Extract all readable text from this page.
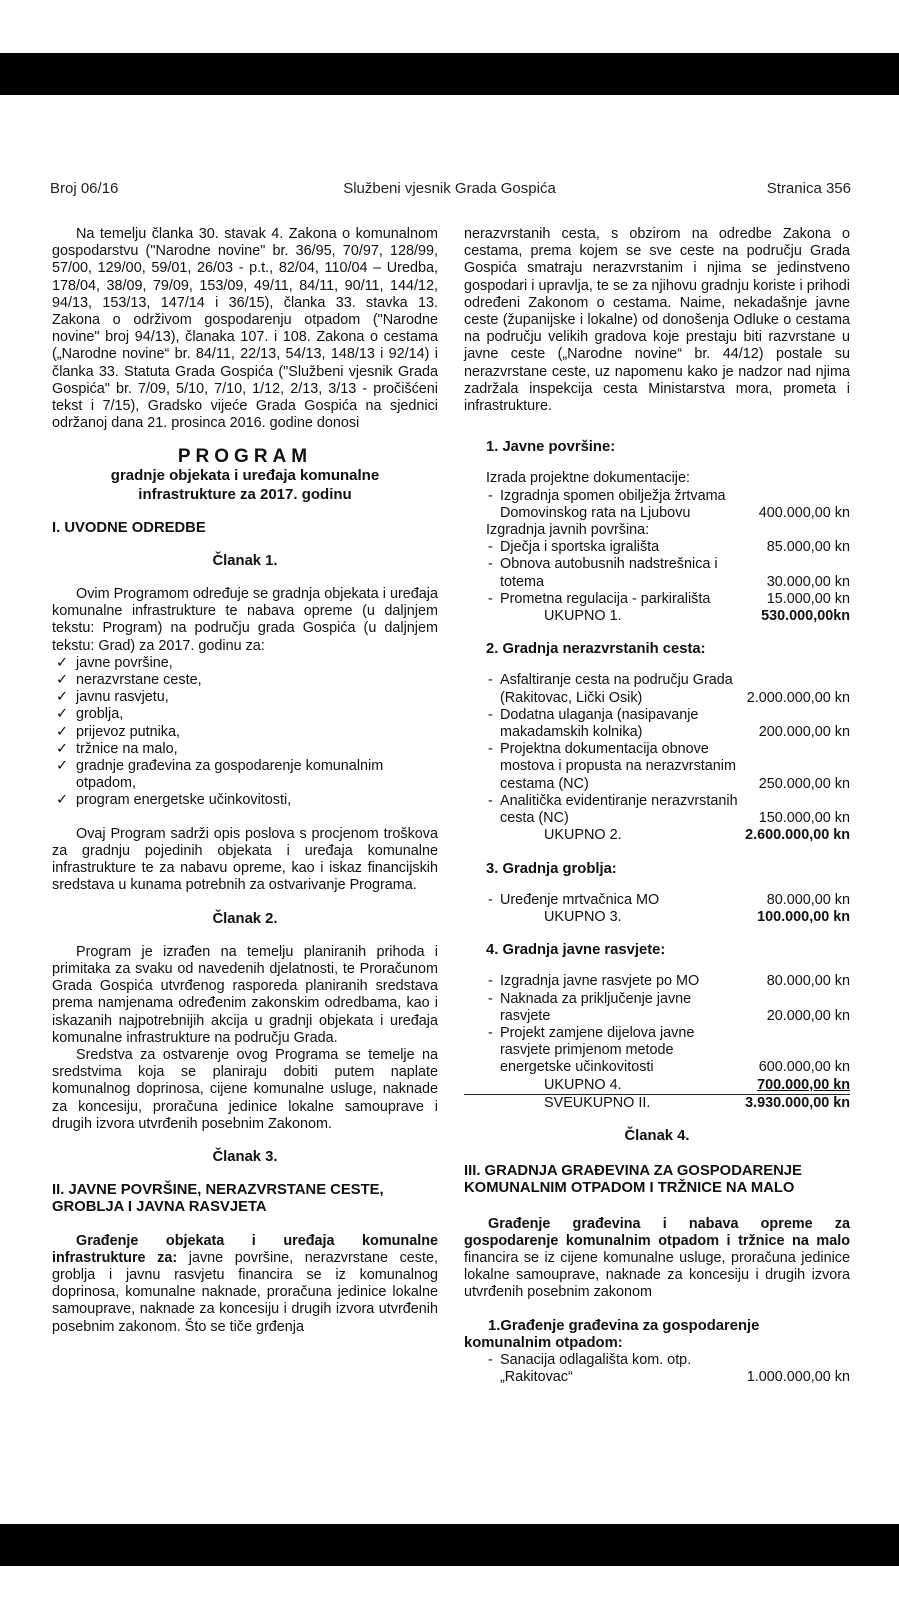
Broj 06/16	Službeni vjesnik Grada Gospića	Stranica 356

Na temelju članka 30. stavak 4. Zakona o komunalnom gospodarstvu ("Narodne novine" br. 36/95, 70/97, 128/99, 57/00, 129/00, 59/01, 26/03 - p.t., 82/04, 110/04 – Uredba, 178/04, 38/09, 79/09, 153/09, 49/11, 84/11, 90/11, 144/12, 94/13, 153/13, 147/14 i 36/15), članka 33. stavka 13. Zakona o održivom gospodarenju otpadom ("Narodne novine" broj 94/13), članaka 107. i 108. Zakona o cestama („Narodne novine“ br. 84/11, 22/13, 54/13, 148/13 i 92/14) i članka 33. Statuta Grada Gospića ("Službeni vjesnik Grada Gospića" br. 7/09, 5/10, 7/10, 1/12, 2/13, 3/13 - pročišćeni tekst i 7/15), Gradsko vijeće Grada Gospića na sjednici održanoj dana 21. prosinca 2016. godine donosi

PROGRAM
gradnje objekata i uređaja komunalne
infrastrukture za 2017. godinu

I. UVODNE ODREDBE

Članak 1.

Ovim Programom određuje se gradnja objekata i uređaja komunalne infrastrukture te nabava opreme (u daljnjem tekstu: Program) na području grada Gospića (u daljnjem tekstu: Grad) za 2017. godinu za:

✓ javne površine,
✓ nerazvrstane ceste,
✓ javnu rasvjetu,
✓ groblja,
✓ prijevoz putnika,
✓ tržnice na malo,
✓ gradnje građevina za gospodarenje komunalnim otpadom,
✓ program energetske učinkovitosti,

Ovaj Program sadrži opis poslova s procjenom troškova za gradnju pojedinih objekata i uređaja komunalne infrastrukture te za nabavu opreme, kao i iskaz financijskih sredstava u kunama potrebnih za ostvarivanje Programa.

Članak 2.

Program je izrađen na temelju planiranih prihoda i primitaka za svaku od navedenih djelatnosti, te Proračunom Grada Gospića utvrđenog rasporeda planiranih sredstava prema namjenama određenim zakonskim odredbama, kao i iskazanih najpotrebnijih akcija u gradnji objekata i uređaja komunalne infrastrukture na području Grada.

Sredstva za ostvarenje ovog Programa se temelje na sredstvima koja se planiraju dobiti putem naplate komunalnog doprinosa, cijene komunalne usluge, naknade za koncesiju, proračuna jedinice lokalne samouprave i drugih izvora utvrđenih posebnim Zakonom.

Članak 3.

II. JAVNE POVRŠINE, NERAZVRSTANE CESTE, GROBLJA I JAVNA RASVJETA

Građenje objekata i uređaja komunalne infrastrukture za: javne površine, nerazvrstane ceste, groblja i javnu rasvjetu financira se iz komunalnog doprinosa, komunalne naknade, proračuna jedinice lokalne samouprave, naknade za koncesiju i drugih izvora utvrđenih posebnim zakonom. Što se tiče grđenja

nerazvrstanih cesta, s obzirom na odredbe Zakona o cestama, prema kojem se sve ceste na području Grada Gospića smatraju nerazvrstanim i njima se jedinstveno gospodari i upravlja, te se za njihovu gradnju koriste i prihodi određeni Zakonom o cestama. Naime, nekadašnje javne ceste (županijske i lokalne) od donošenja Odluke o cestama na području velikih gradova koje prestaju biti razvrstane u javne ceste („Narodne novine“ br. 44/12) postale su nerazvrstane ceste, uz napomenu kako je nadzor nad njima zadržala inspekcija cesta Ministarstva mora, prometa i infrastrukture.

1. Javne površine:

Izrada projektne dokumentacije:

- Izgradnja spomen obilježja žrtvama Domovinskog rata na Ljubovu	400.000,00 kn

Izgradnja javnih površina:

- Dječja i sportska igrališta	85.000,00 kn
- Obnova autobusnih nadstrešnica i totema	30.000,00 kn
- Prometna regulacija - parkirališta	15.000,00 kn
UKUPNO 1.	530.000,00kn

2. Gradnja nerazvrstanih cesta:

- Asfaltiranje cesta na području Grada (Rakitovac, Lički Osik)	2.000.000,00 kn
- Dodatna ulaganja (nasipavanje makadamskih kolnika)	200.000,00 kn
- Projektna dokumentacija obnove mostova i propusta na nerazvrstanim cestama (NC)	250.000,00 kn
- Analitička evidentiranje nerazvrstanih cesta (NC)	150.000,00 kn
UKUPNO 2.	2.600.000,00 kn

3. Gradnja groblja:

- Uređenje mrtvačnica MO	80.000,00 kn
UKUPNO 3.	100.000,00 kn

4. Gradnja javne rasvjete:

- Izgradnja javne rasvjete po MO	80.000,00 kn
- Naknada za priključenje javne rasvjete	20.000,00 kn
- Projekt zamjene dijelova javne rasvjete primjenom metode energetske učinkovitosti	600.000,00 kn
UKUPNO 4.	700.000,00 kn
SVEUKUPNO II.	3.930.000,00 kn

Članak 4.

III. GRADNJA GRAĐEVINA ZA GOSPODARENJE KOMUNALNIM OTPADOM I TRŽNICE NA MALO

Građenje građevina i nabava opreme za gospodarenje komunalnim otpadom i tržnice na malo financira se iz cijene komunalne usluge, proračuna jedinice lokalne samouprave, naknade za koncesiju i drugih izvora utvrđenih posebnim zakonom

1.Građenje građevina za gospodarenje komunalnim otpadom:

- Sanacija odlagališta kom. otp. „Rakitovac“	1.000.000,00 kn
